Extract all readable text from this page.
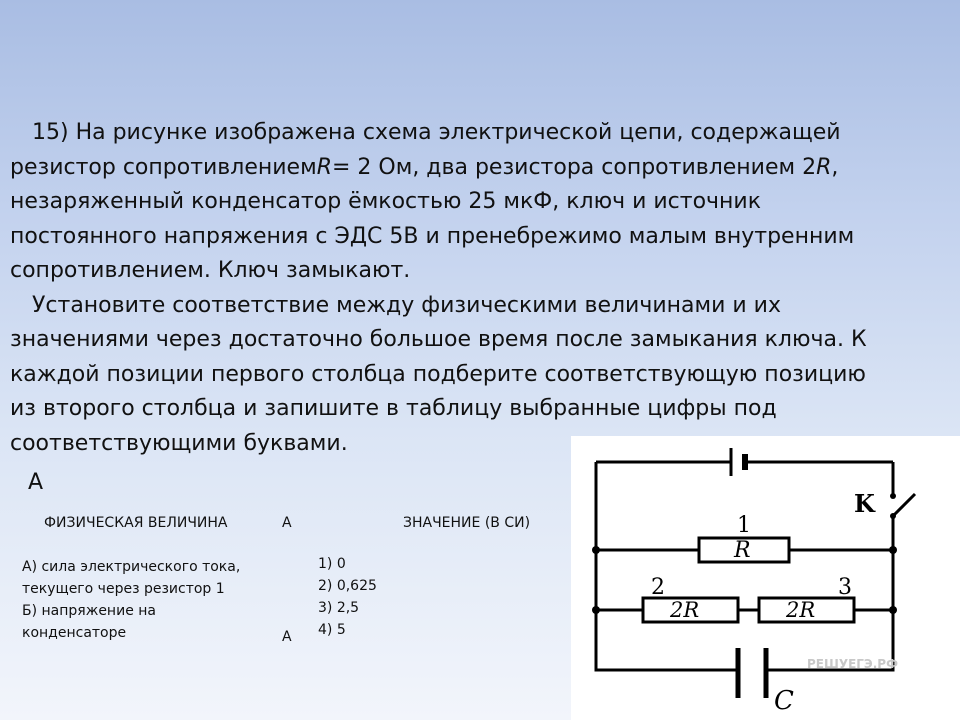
15) На рисунке изображена схема электрической цепи, содержащей
резистор сопротивлениемR= 2 Ом, два резистора сопротивлением 2R,
незаряженный конденсатор ёмкостью 25 мкФ, ключ и источник
постоянного напряжения с ЭДС 5В и пренебрежимо малым внутренним
сопротивлением. Ключ замыкают.

Установите соответствие между физическими величинами и их
значениями через достаточно большое время после замыкания ключа. К
каждой позиции первого столбца подберите соответствующую позицию
из второго столбца и запишите в таблицу выбранные цифры под
соответствующими буквами.

A
ФИЗИЧЕСКАЯ ВЕЛИЧИНА	A	ЗНАЧЕНИЕ (В СИ)
А) сила электрического тока,
текущего через резистор 1
Б) напряжение на
конденсаторе
1) 0
2) 0,625
3) 2,5
4) 5
A
K
1
R
2	3
2R	2R
C
РЕШУЕГЭ.РФ
